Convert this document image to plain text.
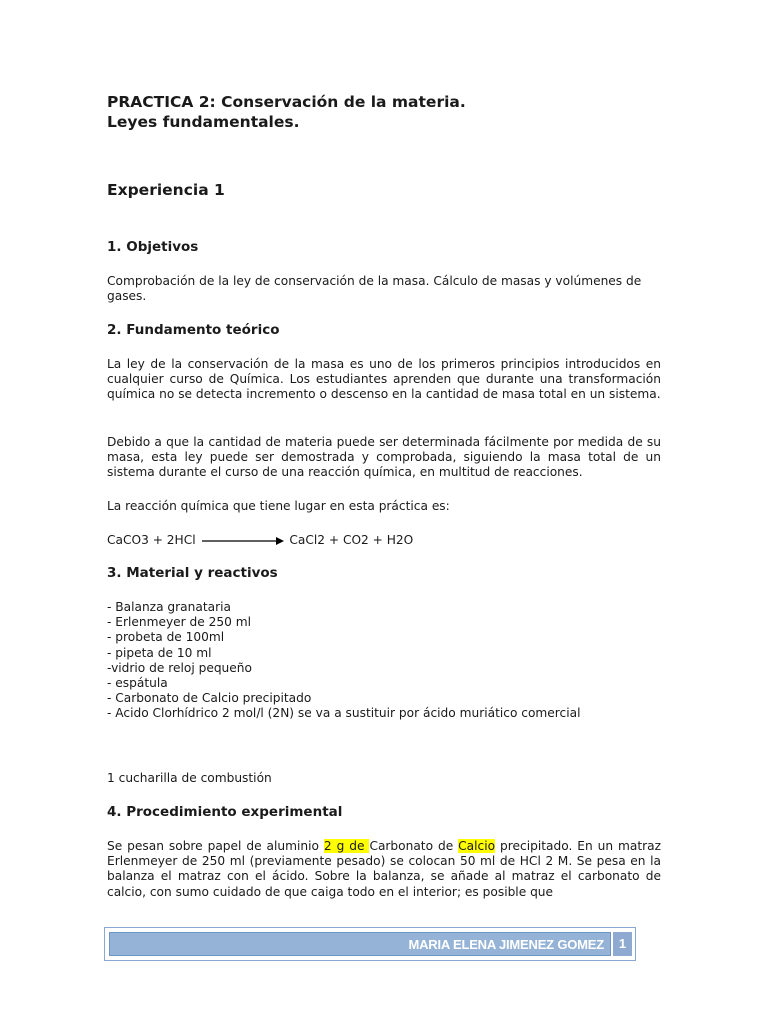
PRACTICA 2: Conservación de la materia.
Leyes fundamentales.
Experiencia 1
1. Objetivos
Comprobación de la ley de conservación de la masa. Cálculo de masas y volúmenes de gases.
2. Fundamento teórico
La ley de la conservación de la masa es uno de los primeros principios introducidos en cualquier curso de Química. Los estudiantes aprenden que durante una transformación química no se detecta incremento o descenso en la cantidad de masa total en un sistema.
Debido a que la cantidad de materia puede ser determinada fácilmente por medida de su masa, esta ley puede ser demostrada y comprobada, siguiendo la masa total de un sistema durante el curso de una reacción química, en multitud de reacciones.
La reacción química que tiene lugar en esta práctica es:
CaCO3 + 2HCl	CaCl2 + CO2 + H2O
3. Material y reactivos
- Balanza granataria
- Erlenmeyer de 250 ml
- probeta de 100ml
- pipeta de 10 ml
-vidrio de reloj pequeño
- espátula
- Carbonato de Calcio precipitado
- Acido Clorhídrico 2 mol/l (2N) se va a sustituir por ácido muriático comercial
1 cucharilla de combustión
4. Procedimiento experimental
Se pesan sobre papel de aluminio 2 g de Carbonato de Calcio precipitado. En un matraz Erlenmeyer de 250 ml (previamente pesado) se colocan 50 ml de HCl 2 M. Se pesa en la balanza el matraz con el ácido. Sobre la balanza, se añade al matraz el carbonato de calcio, con sumo cuidado de que caiga todo en el interior; es posible que
MARIA ELENA JIMENEZ GOMEZ	1
